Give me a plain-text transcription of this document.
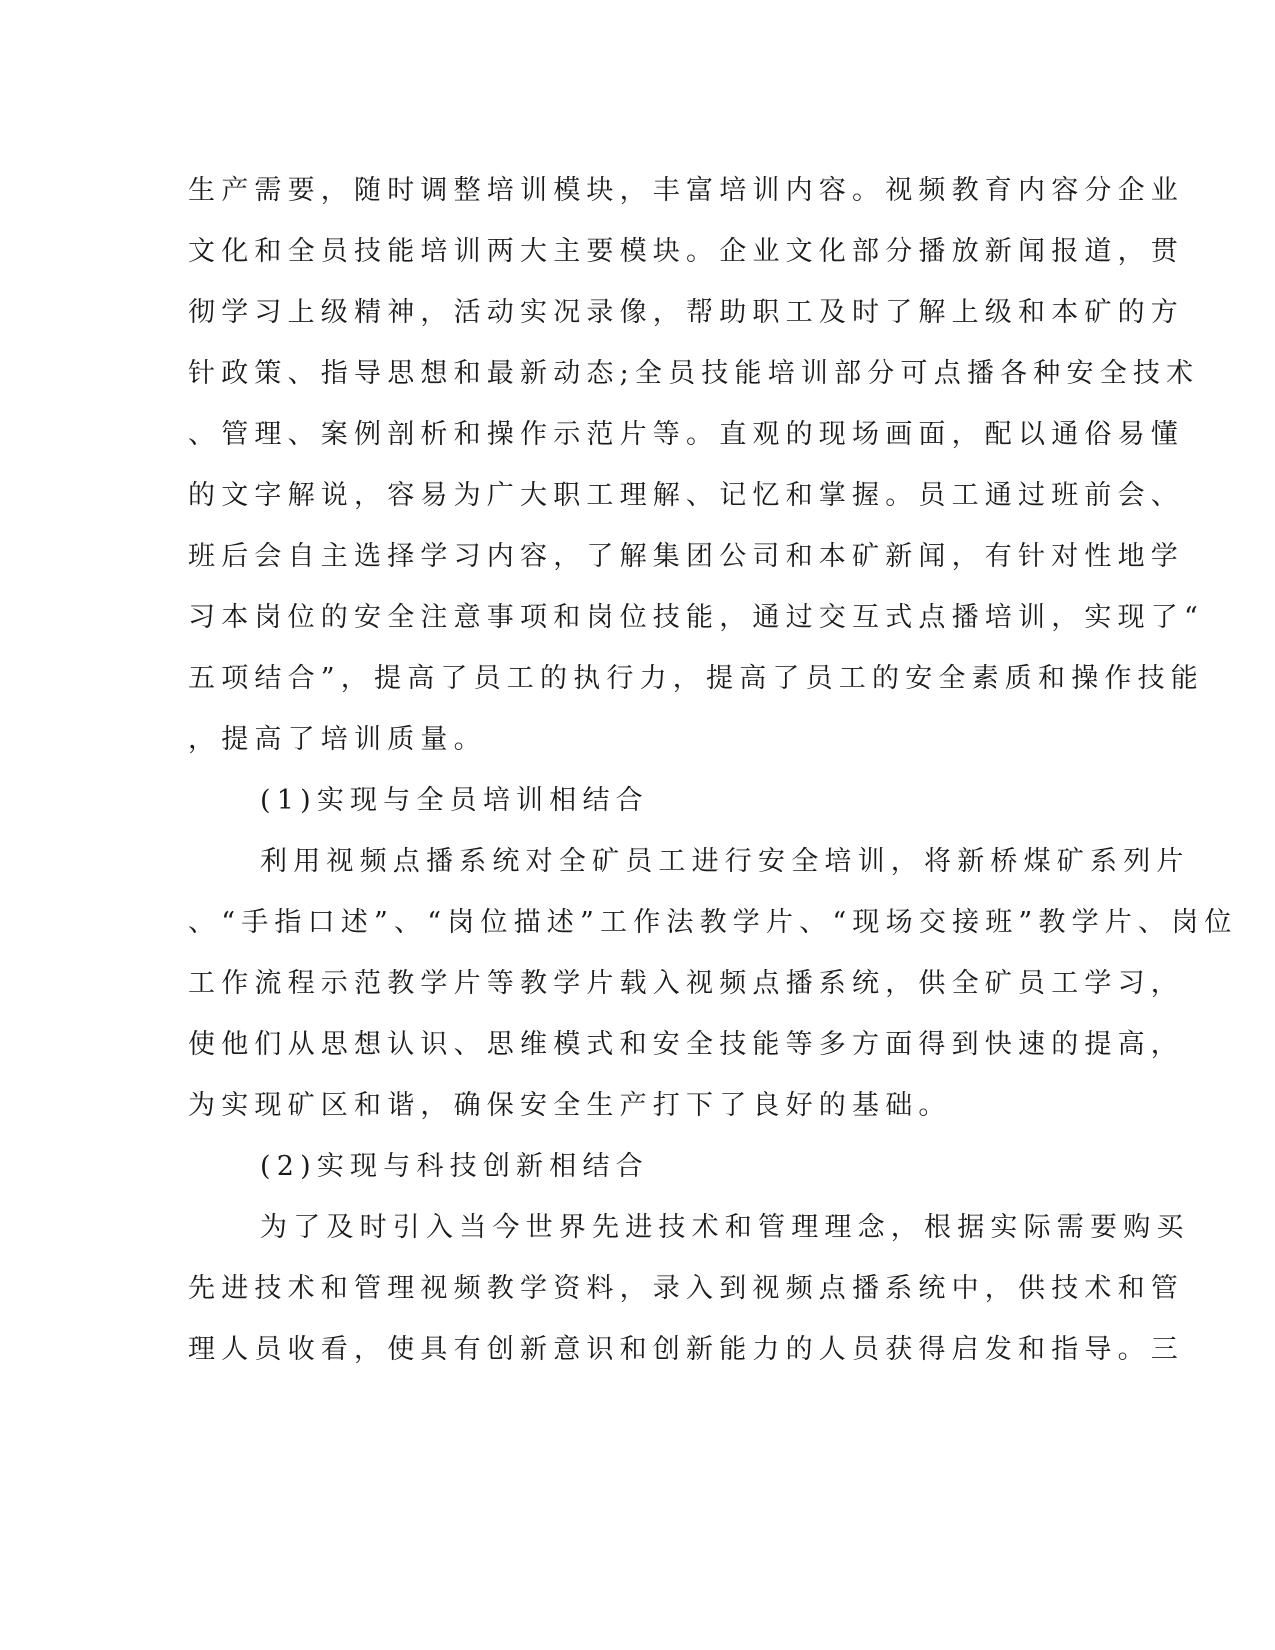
生产需要，随时调整培训模块，丰富培训内容。视频教育内容分企业
文化和全员技能培训两大主要模块。企业文化部分播放新闻报道，贯
彻学习上级精神，活动实况录像，帮助职工及时了解上级和本矿的方
针政策、指导思想和最新动态;全员技能培训部分可点播各种安全技术
、管理、案例剖析和操作示范片等。直观的现场画面，配以通俗易懂
的文字解说，容易为广大职工理解、记忆和掌握。员工通过班前会、
班后会自主选择学习内容，了解集团公司和本矿新闻，有针对性地学
习本岗位的安全注意事项和岗位技能，通过交互式点播培训，实现了“
五项结合”，提高了员工的执行力，提高了员工的安全素质和操作技能
，提高了培训质量。
(1)实现与全员培训相结合
利用视频点播系统对全矿员工进行安全培训，将新桥煤矿系列片
、“手指口述”、“岗位描述”工作法教学片、“现场交接班”教学片、岗位
工作流程示范教学片等教学片载入视频点播系统，供全矿员工学习，
使他们从思想认识、思维模式和安全技能等多方面得到快速的提高，
为实现矿区和谐，确保安全生产打下了良好的基础。
(2)实现与科技创新相结合
为了及时引入当今世界先进技术和管理理念，根据实际需要购买
先进技术和管理视频教学资料，录入到视频点播系统中，供技术和管
理人员收看，使具有创新意识和创新能力的人员获得启发和指导。三
